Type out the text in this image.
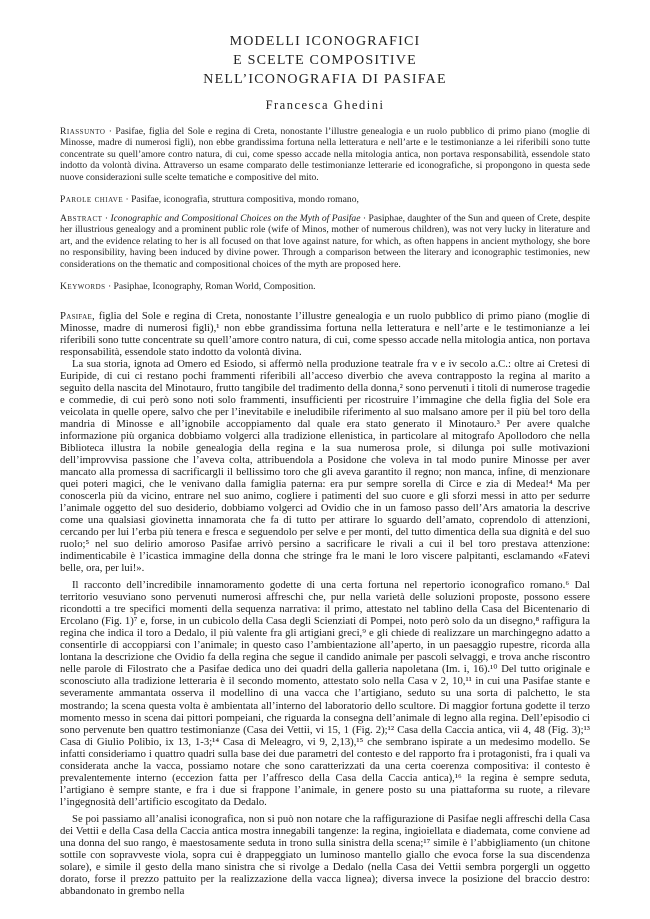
MODELLI ICONOGRAFICI
E SCELTE COMPOSITIVE
NELL’ICONOGRAFIA DI PASIFAE
Francesca Ghedini
Riassunto · Pasifae, figlia del Sole e regina di Creta, nonostante l’illustre genealogia e un ruolo pubblico di primo piano (moglie di Minosse, madre di numerosi figli), non ebbe grandissima fortuna nella letteratura e nell’arte e le testimonianze a lei riferibili sono tutte concentrate su quell’amore contro natura, di cui, come spesso accade nella mitologia antica, non portava responsabilità, essendole stato indotto da volontà divina. Attraverso un esame comparato delle testimonianze letterarie ed iconografiche, si propongono in questa sede nuove considerazioni sulle scelte tematiche e compositive del mito.
Parole chiave · Pasifae, iconografia, struttura compositiva, mondo romano,
Abstract · Iconographic and Compositional Choices on the Myth of Pasifae · Pasiphae, daughter of the Sun and queen of Crete, despite her illustrious genealogy and a prominent public role (wife of Minos, mother of numerous children), was not very lucky in literature and art, and the evidence relating to her is all focused on that love against nature, for which, as often happens in ancient mythology, she bore no responsibility, having been induced by divine power. Through a comparison between the literary and iconographic testimonies, new considerations on the thematic and compositional choices of the myth are proposed here.
Keywords · Pasiphae, Iconography, Roman World, Composition.

Pasifae, figlia del Sole e regina di Creta, nonostante l’illustre genealogia e un ruolo pubblico di primo piano (moglie di Minosse, madre di numerosi figli),¹ non ebbe grandissima fortuna nella letteratura e nell’arte e le testimonianze a lei riferibili sono tutte concentrate su quell’amore contro natura, di cui, come spesso accade nella mitologia antica, non portava responsabilità, essendole stato indotto da volontà divina.

La sua storia, ignota ad Omero ed Esiodo, si affermò nella produzione teatrale fra v e iv secolo a.C.: oltre ai Cretesi di Euripide, di cui ci restano pochi frammenti riferibili all’acceso diverbio che aveva contrapposto la regina al marito a seguito della nascita del Minotauro, frutto tangibile del tradimento della donna,² sono pervenuti i titoli di numerose tragedie e commedie, di cui però sono noti solo frammenti, insufficienti per ricostruire l’immagine che della figlia del Sole era veicolata in quelle opere, salvo che per l’inevitabile e ineludibile riferimento al suo malsano amore per il più bel toro della mandria di Minosse e all’ignobile accoppiamento dal quale era stato generato il Minotauro.³ Per avere qualche informazione più organica dobbiamo volgerci alla tradizione ellenistica, in particolare al mitografo Apollodoro che nella Biblioteca illustra la nobile genealogia della regina e la sua numerosa prole, si dilunga poi sulle motivazioni dell’improvvisa passione che l’aveva colta, attribuendola a Posidone che voleva in tal modo punire Minosse per aver mancato alla promessa di sacrificargli il bellissimo toro che gli aveva garantito il regno; non manca, infine, di menzionare quei poteri magici, che le venivano dalla famiglia paterna: era pur sempre sorella di Circe e zia di Medea!⁴ Ma per conoscerla più da vicino, entrare nel suo animo, cogliere i patimenti del suo cuore e gli sforzi messi in atto per sedurre l’animale oggetto del suo desiderio, dobbiamo volgerci ad Ovidio che in un famoso passo dell’Ars amatoria la descrive come una qualsiasi giovinetta innamorata che fa di tutto per attirare lo sguardo dell’amato, coprendolo di attenzioni, cercando per lui l’erba più tenera e fresca e seguendolo per selve e per monti, del tutto dimentica della sua dignità e del suo ruolo;⁵ nel suo delirio amoroso Pasifae arrivò persino a sacrificare le rivali a cui il bel toro prestava attenzione: indimenticabile è l’icastica immagine della donna che stringe fra le mani le loro viscere palpitanti, esclamando «Fatevi belle, ora, per lui!».

Il racconto dell’incredibile innamoramento godette di una certa fortuna nel repertorio iconografico romano.⁶ Dal territorio vesuviano sono pervenuti numerosi affreschi che, pur nella varietà delle soluzioni proposte, possono essere ricondotti a tre specifici momenti della sequenza narrativa: il primo, attestato nel tablino della Casa del Bicentenario di Ercolano (Fig. 1)⁷ e, forse, in un cubicolo della Casa degli Scienziati di Pompei, noto però solo da un disegno,⁸ raffigura la regina che indica il toro a Dedalo, il più valente fra gli artigiani greci,⁹ e gli chiede di realizzare un marchingegno adatto a consentirle di accoppiarsi con l’animale; in questo caso l’ambientazione all’aperto, in un paesaggio rupestre, ricorda alla lontana la descrizione che Ovidio fa della regina che segue il candido animale per pascoli selvaggi, e trova anche riscontro nelle parole di Filostrato che a Pasifae dedica uno dei quadri della galleria napoletana (Im. i, 16).¹⁰ Del tutto originale e sconosciuto alla tradizione letteraria è il secondo momento, attestato solo nella Casa v 2, 10,¹¹ in cui una Pasifae stante e severamente ammantata osserva il modellino di una vacca che l’artigiano, seduto su una sorta di palchetto, le sta mostrando; la scena questa volta è ambientata all’interno del laboratorio dello scultore. Di maggior fortuna godette il terzo momento messo in scena dai pittori pompeiani, che riguarda la consegna dell’animale di legno alla regina. Dell’episodio ci sono pervenute ben quattro testimonianze (Casa dei Vettii, vi 15, 1 (Fig. 2);¹² Casa della Caccia antica, vii 4, 48 (Fig. 3);¹³ Casa di Giulio Polibio, ix 13, 1-3;¹⁴ Casa di Meleagro, vi 9, 2,13),¹⁵ che sembrano ispirate a un medesimo modello. Se infatti consideriamo i quattro quadri sulla base dei due parametri del contesto e del rapporto fra i protagonisti, fra i quali va considerata anche la vacca, possiamo notare che sono caratterizzati da una certa coerenza compositiva: il contesto è prevalentemente interno (eccezion fatta per l’affresco della Casa della Caccia antica),¹⁶ la regina è sempre seduta, l’artigiano è sempre stante, e fra i due si frappone l’animale, in genere posto su una piattaforma su ruote, a rilevare l’ingegnosità dell’artificio escogitato da Dedalo.

Se poi passiamo all’analisi iconografica, non si può non notare che la raffigurazione di Pasifae negli affreschi della Casa dei Vettii e della Casa della Caccia antica mostra innegabili tangenze: la regina, ingioiellata e diademata, come conviene ad una donna del suo rango, è maestosamente seduta in trono sulla sinistra della scena;¹⁷ simile è l’abbigliamento (un chitone sottile con sopravveste viola, sopra cui è drappeggiato un luminoso mantello giallo che evoca forse la sua discendenza solare), e simile il gesto della mano sinistra che si rivolge a Dedalo (nella Casa dei Vettii sembra porgergli un oggetto dorato, forse il prezzo pattuito per la realizzazione della vacca lignea); diversa invece la posizione del braccio destro: abbandonato in grembo nella
